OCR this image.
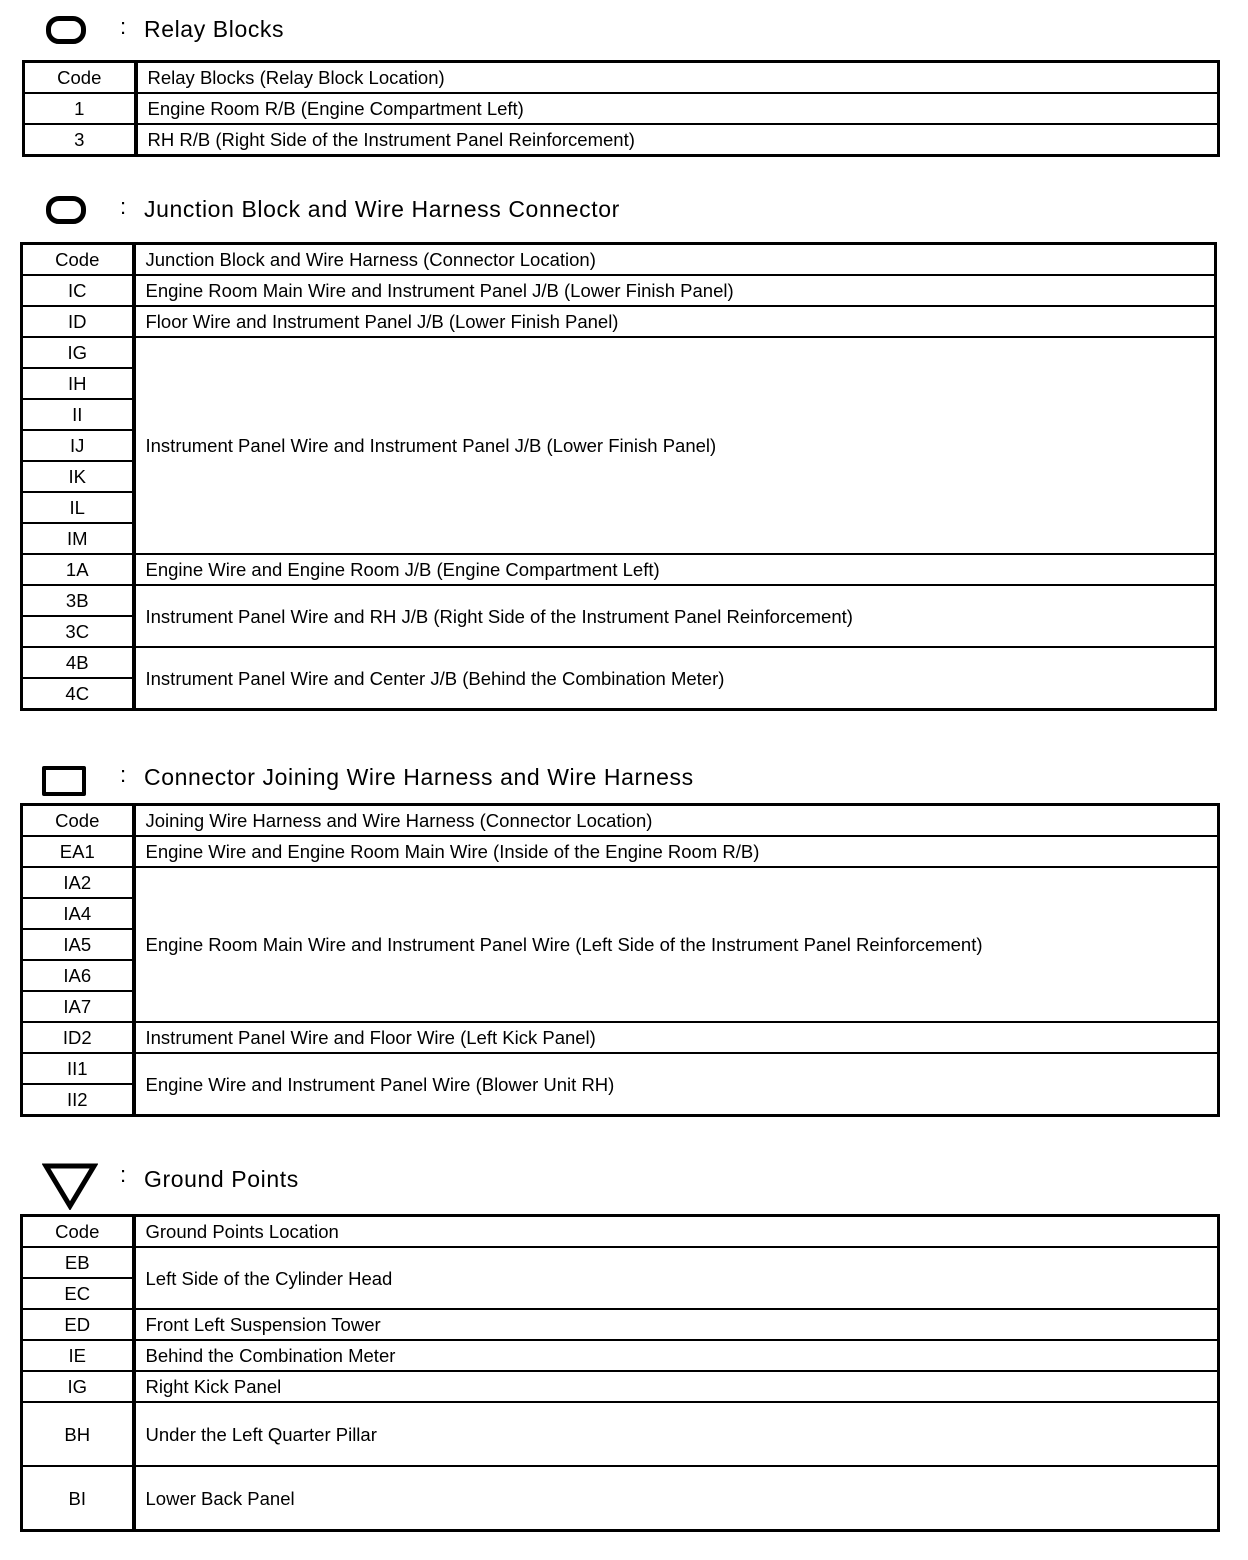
: Relay Blocks
Code	Relay Blocks (Relay Block Location)
1	Engine Room R/B (Engine Compartment Left)
3	RH R/B (Right Side of the Instrument Panel Reinforcement)
: Junction Block and Wire Harness Connector
Code	Junction Block and Wire Harness (Connector Location)
IC	Engine Room Main Wire and Instrument Panel J/B (Lower Finish Panel)
ID	Floor Wire and Instrument Panel J/B (Lower Finish Panel)
IG	Instrument Panel Wire and Instrument Panel J/B (Lower Finish Panel)
IH	
II	
IJ	
IK	
IL	
IM	
1A	Engine Wire and Engine Room J/B (Engine Compartment Left)
3B	Instrument Panel Wire and RH J/B (Right Side of the Instrument Panel Reinforcement)
3C	
4B	Instrument Panel Wire and Center J/B (Behind the Combination Meter)
4C	
: Connector Joining Wire Harness and Wire Harness
Code	Joining Wire Harness and Wire Harness (Connector Location)
EA1	Engine Wire and Engine Room Main Wire (Inside of the Engine Room R/B)
IA2	Engine Room Main Wire and Instrument Panel Wire (Left Side of the Instrument Panel Reinforcement)
IA4	
IA5	
IA6	
IA7	
ID2	Instrument Panel Wire and Floor Wire (Left Kick Panel)
II1	Engine Wire and Instrument Panel Wire (Blower Unit RH)
II2	
: Ground Points
Code	Ground Points Location
EB	Left Side of the Cylinder Head
EC	
ED	Front Left Suspension Tower
IE	Behind the Combination Meter
IG	Right Kick Panel
BH	Under the Left Quarter Pillar
BI	Lower Back Panel
